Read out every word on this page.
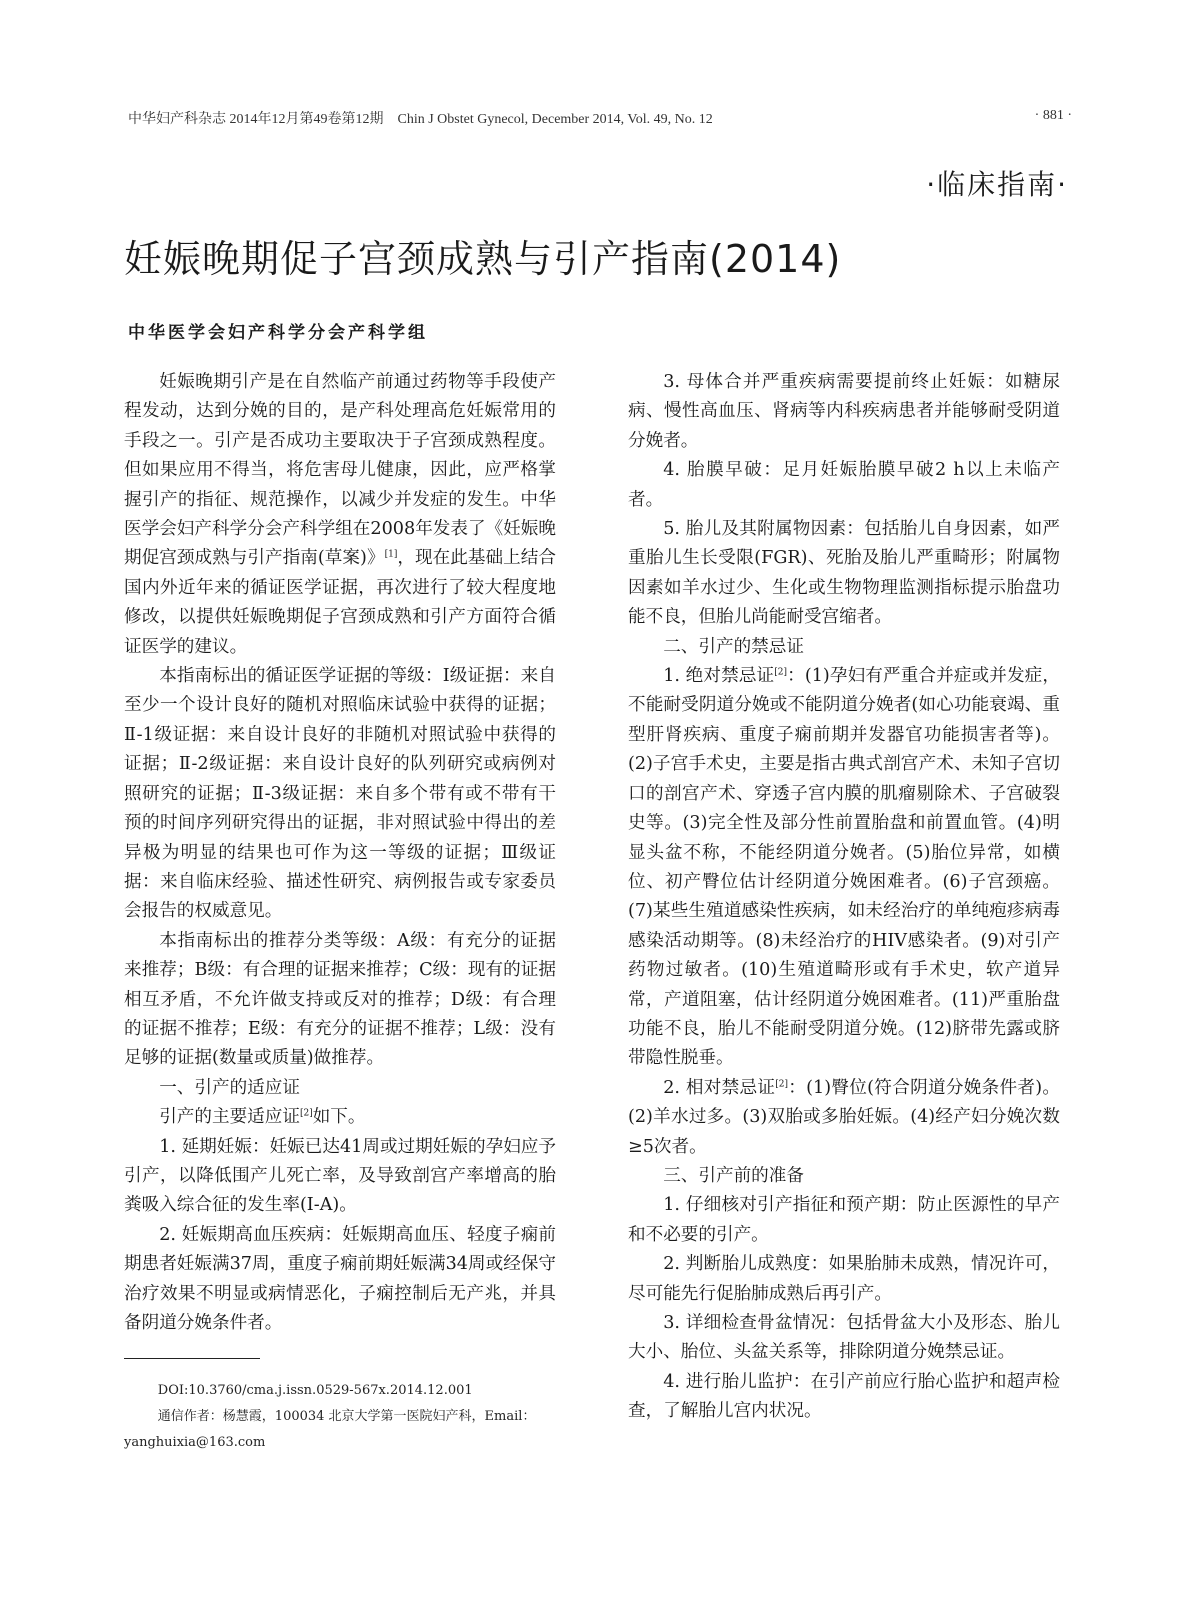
中华妇产科杂志 2014年12月第49卷第12期　Chin J Obstet Gynecol, December 2014, Vol. 49, No. 12	· 881 ·
·临床指南·
妊娠晚期促子宫颈成熟与引产指南(2014)
中华医学会妇产科学分会产科学组

妊娠晚期引产是在自然临产前通过药物等手段使产程发动，达到分娩的目的，是产科处理高危妊娠常用的手段之一。引产是否成功主要取决于子宫颈成熟程度。但如果应用不得当，将危害母儿健康，因此，应严格掌握引产的指征、规范操作，以减少并发症的发生。中华医学会妇产科学分会产科学组在2008年发表了《妊娠晚期促宫颈成熟与引产指南(草案)》[1]，现在此基础上结合国内外近年来的循证医学证据，再次进行了较大程度地修改，以提供妊娠晚期促子宫颈成熟和引产方面符合循证医学的建议。

本指南标出的循证医学证据的等级：Ⅰ级证据：来自至少一个设计良好的随机对照临床试验中获得的证据；Ⅱ-1级证据：来自设计良好的非随机对照试验中获得的证据；Ⅱ-2级证据：来自设计良好的队列研究或病例对照研究的证据；Ⅱ-3级证据：来自多个带有或不带有干预的时间序列研究得出的证据，非对照试验中得出的差异极为明显的结果也可作为这一等级的证据；Ⅲ级证据：来自临床经验、描述性研究、病例报告或专家委员会报告的权威意见。

本指南标出的推荐分类等级：A级：有充分的证据来推荐；B级：有合理的证据来推荐；C级：现有的证据相互矛盾，不允许做支持或反对的推荐；D级：有合理的证据不推荐；E级：有充分的证据不推荐；L级：没有足够的证据(数量或质量)做推荐。

一、引产的适应证

引产的主要适应证[2]如下。

1. 延期妊娠：妊娠已达41周或过期妊娠的孕妇应予引产，以降低围产儿死亡率，及导致剖宫产率增高的胎粪吸入综合征的发生率(Ⅰ-A)。

2. 妊娠期高血压疾病：妊娠期高血压、轻度子痫前期患者妊娠满37周，重度子痫前期妊娠满34周或经保守治疗效果不明显或病情恶化，子痫控制后无产兆，并具备阴道分娩条件者。

3. 母体合并严重疾病需要提前终止妊娠：如糖尿病、慢性高血压、肾病等内科疾病患者并能够耐受阴道分娩者。

4. 胎膜早破：足月妊娠胎膜早破2 h以上未临产者。

5. 胎儿及其附属物因素：包括胎儿自身因素，如严重胎儿生长受限(FGR)、死胎及胎儿严重畸形；附属物因素如羊水过少、生化或生物物理监测指标提示胎盘功能不良，但胎儿尚能耐受宫缩者。

二、引产的禁忌证

1. 绝对禁忌证[2]：(1)孕妇有严重合并症或并发症，不能耐受阴道分娩或不能阴道分娩者(如心功能衰竭、重型肝肾疾病、重度子痫前期并发器官功能损害者等)。(2)子宫手术史，主要是指古典式剖宫产术、未知子宫切口的剖宫产术、穿透子宫内膜的肌瘤剔除术、子宫破裂史等。(3)完全性及部分性前置胎盘和前置血管。(4)明显头盆不称，不能经阴道分娩者。(5)胎位异常，如横位、初产臀位估计经阴道分娩困难者。(6)子宫颈癌。(7)某些生殖道感染性疾病，如未经治疗的单纯疱疹病毒感染活动期等。(8)未经治疗的HIV感染者。(9)对引产药物过敏者。(10)生殖道畸形或有手术史，软产道异常，产道阻塞，估计经阴道分娩困难者。(11)严重胎盘功能不良，胎儿不能耐受阴道分娩。(12)脐带先露或脐带隐性脱垂。

2. 相对禁忌证[2]：(1)臀位(符合阴道分娩条件者)。(2)羊水过多。(3)双胎或多胎妊娠。(4)经产妇分娩次数≥5次者。

三、引产前的准备

1. 仔细核对引产指征和预产期：防止医源性的早产和不必要的引产。

2. 判断胎儿成熟度：如果胎肺未成熟，情况许可，尽可能先行促胎肺成熟后再引产。

3. 详细检查骨盆情况：包括骨盆大小及形态、胎儿大小、胎位、头盆关系等，排除阴道分娩禁忌证。

4. 进行胎儿监护：在引产前应行胎心监护和超声检查，了解胎儿宫内状况。

DOI:10.3760/cma.j.issn.0529-567x.2014.12.001
通信作者：杨慧霞，100034 北京大学第一医院妇产科，Email：
yanghuixia@163.com
